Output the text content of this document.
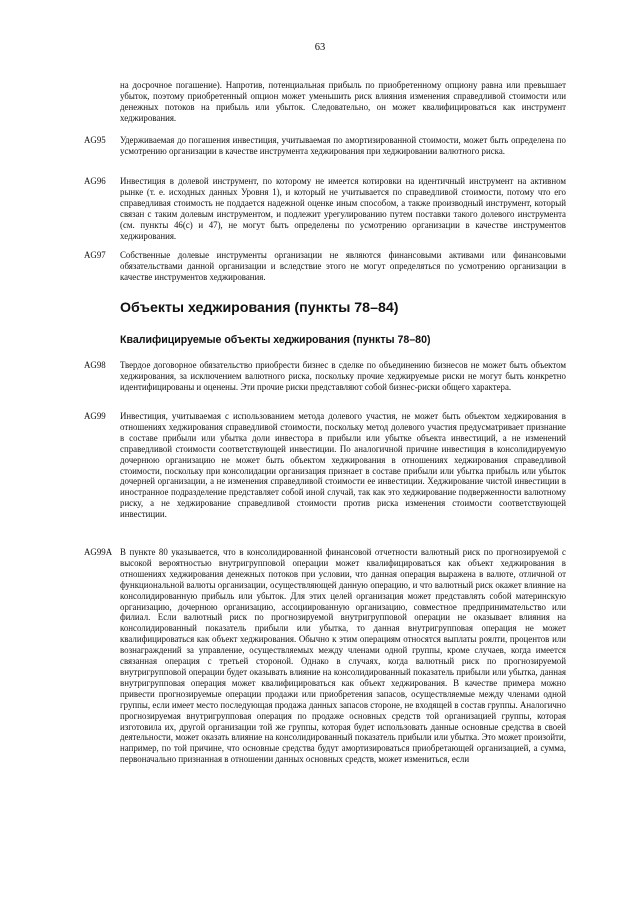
63
на досрочное погашение). Напротив, потенциальная прибыль по приобретенному опциону равна или превышает убыток, поэтому приобретенный опцион может уменьшить риск влияния изменения справедливой стоимости или денежных потоков на прибыль или убыток. Следовательно, он может квалифицироваться как инструмент хеджирования.
AG95 Удерживаемая до погашения инвестиция, учитываемая по амортизированной стоимости, может быть определена по усмотрению организации в качестве инструмента хеджирования при хеджировании валютного риска.
AG96 Инвестиция в долевой инструмент, по которому не имеется котировки на идентичный инструмент на активном рынке (т. е. исходных данных Уровня 1), и который не учитывается по справедливой стоимости, потому что его справедливая стоимость не поддается надежной оценке иным способом, а также производный инструмент, который связан с таким долевым инструментом, и подлежит урегулированию путем поставки такого долевого инструмента (см. пункты 46(с) и 47), не могут быть определены по усмотрению организации в качестве инструментов хеджирования.
AG97 Собственные долевые инструменты организации не являются финансовыми активами или финансовыми обязательствами данной организации и вследствие этого не могут определяться по усмотрению организации в качестве инструментов хеджирования.
Объекты хеджирования (пункты 78–84)
Квалифицируемые объекты хеджирования (пункты 78–80)
AG98 Твердое договорное обязательство приобрести бизнес в сделке по объединению бизнесов не может быть объектом хеджирования, за исключением валютного риска, поскольку прочие хеджируемые риски не могут быть конкретно идентифицированы и оценены. Эти прочие риски представляют собой бизнес-риски общего характера.
AG99 Инвестиция, учитываемая с использованием метода долевого участия, не может быть объектом хеджирования в отношениях хеджирования справедливой стоимости, поскольку метод долевого участия предусматривает признание в составе прибыли или убытка доли инвестора в прибыли или убытке объекта инвестиций, а не изменений справедливой стоимости соответствующей инвестиции. По аналогичной причине инвестиция в консолидируемую дочернюю организацию не может быть объектом хеджирования в отношениях хеджирования справедливой стоимости, поскольку при консолидации организация признает в составе прибыли или убытка прибыль или убыток дочерней организации, а не изменения справедливой стоимости ее инвестиции. Хеджирование чистой инвестиции в иностранное подразделение представляет собой иной случай, так как это хеджирование подверженности валютному риску, а не хеджирование справедливой стоимости против риска изменения стоимости соответствующей инвестиции.
AG99A В пункте 80 указывается, что в консолидированной финансовой отчетности валютный риск по прогнозируемой с высокой вероятностью внутригрупповой операции может квалифицироваться как объект хеджирования в отношениях хеджирования денежных потоков при условии, что данная операция выражена в валюте, отличной от функциональной валюты организации, осуществляющей данную операцию, и что валютный риск окажет влияние на консолидированную прибыль или убыток. Для этих целей организация может представлять собой материнскую организацию, дочернюю организацию, ассоциированную организацию, совместное предпринимательство или филиал. Если валютный риск по прогнозируемой внутригрупповой операции не оказывает влияния на консолидированный показатель прибыли или убытка, то данная внутригрупповая операция не может квалифицироваться как объект хеджирования. Обычно к этим операциям относятся выплаты роялти, процентов или вознаграждений за управление, осуществляемых между членами одной группы, кроме случаев, когда имеется связанная операция с третьей стороной. Однако в случаях, когда валютный риск по прогнозируемой внутригрупповой операции будет оказывать влияние на консолидированный показатель прибыли или убытка, данная внутригрупповая операция может квалифицироваться как объект хеджирования. В качестве примера можно привести прогнозируемые операции продажи или приобретения запасов, осуществляемые между членами одной группы, если имеет место последующая продажа данных запасов стороне, не входящей в состав группы. Аналогично прогнозируемая внутригрупповая операция по продаже основных средств той организацией группы, которая изготовила их, другой организации той же группы, которая будет использовать данные основные средства в своей деятельности, может оказать влияние на консолидированный показатель прибыли или убытка. Это может произойти, например, по той причине, что основные средства будут амортизироваться приобретающей организацией, а сумма, первоначально признанная в отношении данных основных средств, может измениться, если
